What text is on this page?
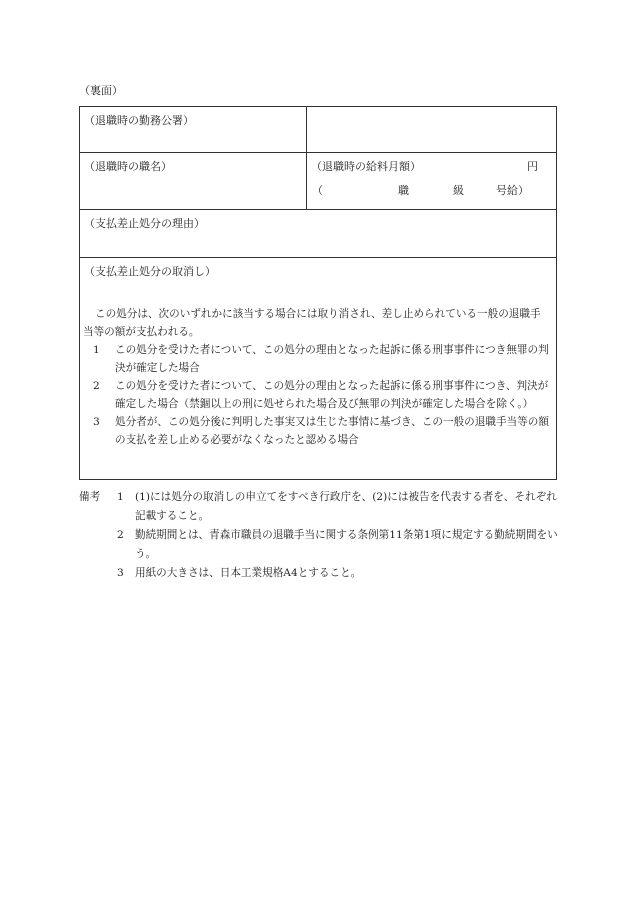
（裏面）
（退職時の勤務公署）
（退職時の職名）	（退職時の給料月額）	円
（	職	級	号給）
（支払差止処分の理由）
（支払差止処分の取消し）

この処分は、次のいずれかに該当する場合には取り消され、差し止められている一般の退職手当等の額が支払われる。

1	この処分を受けた者について、この処分の理由となった起訴に係る刑事事件につき無罪の判決が確定した場合

2	この処分を受けた者について、この処分の理由となった起訴に係る刑事事件につき、判決が確定した場合（禁錮以上の刑に処せられた場合及び無罪の判決が確定した場合を除く。）

3	処分者が、この処分後に判明した事実又は生じた事情に基づき、この一般の退職手当等の額の支払を差し止める必要がなくなったと認める場合

備考	1	(1)には処分の取消しの申立てをすべき行政庁を、(2)には被告を代表する者を、それぞれ記載すること。

2	勤続期間とは、青森市職員の退職手当に関する条例第11条第1項に規定する勤続期間をいう。

3	用紙の大きさは、日本工業規格A4とすること。
